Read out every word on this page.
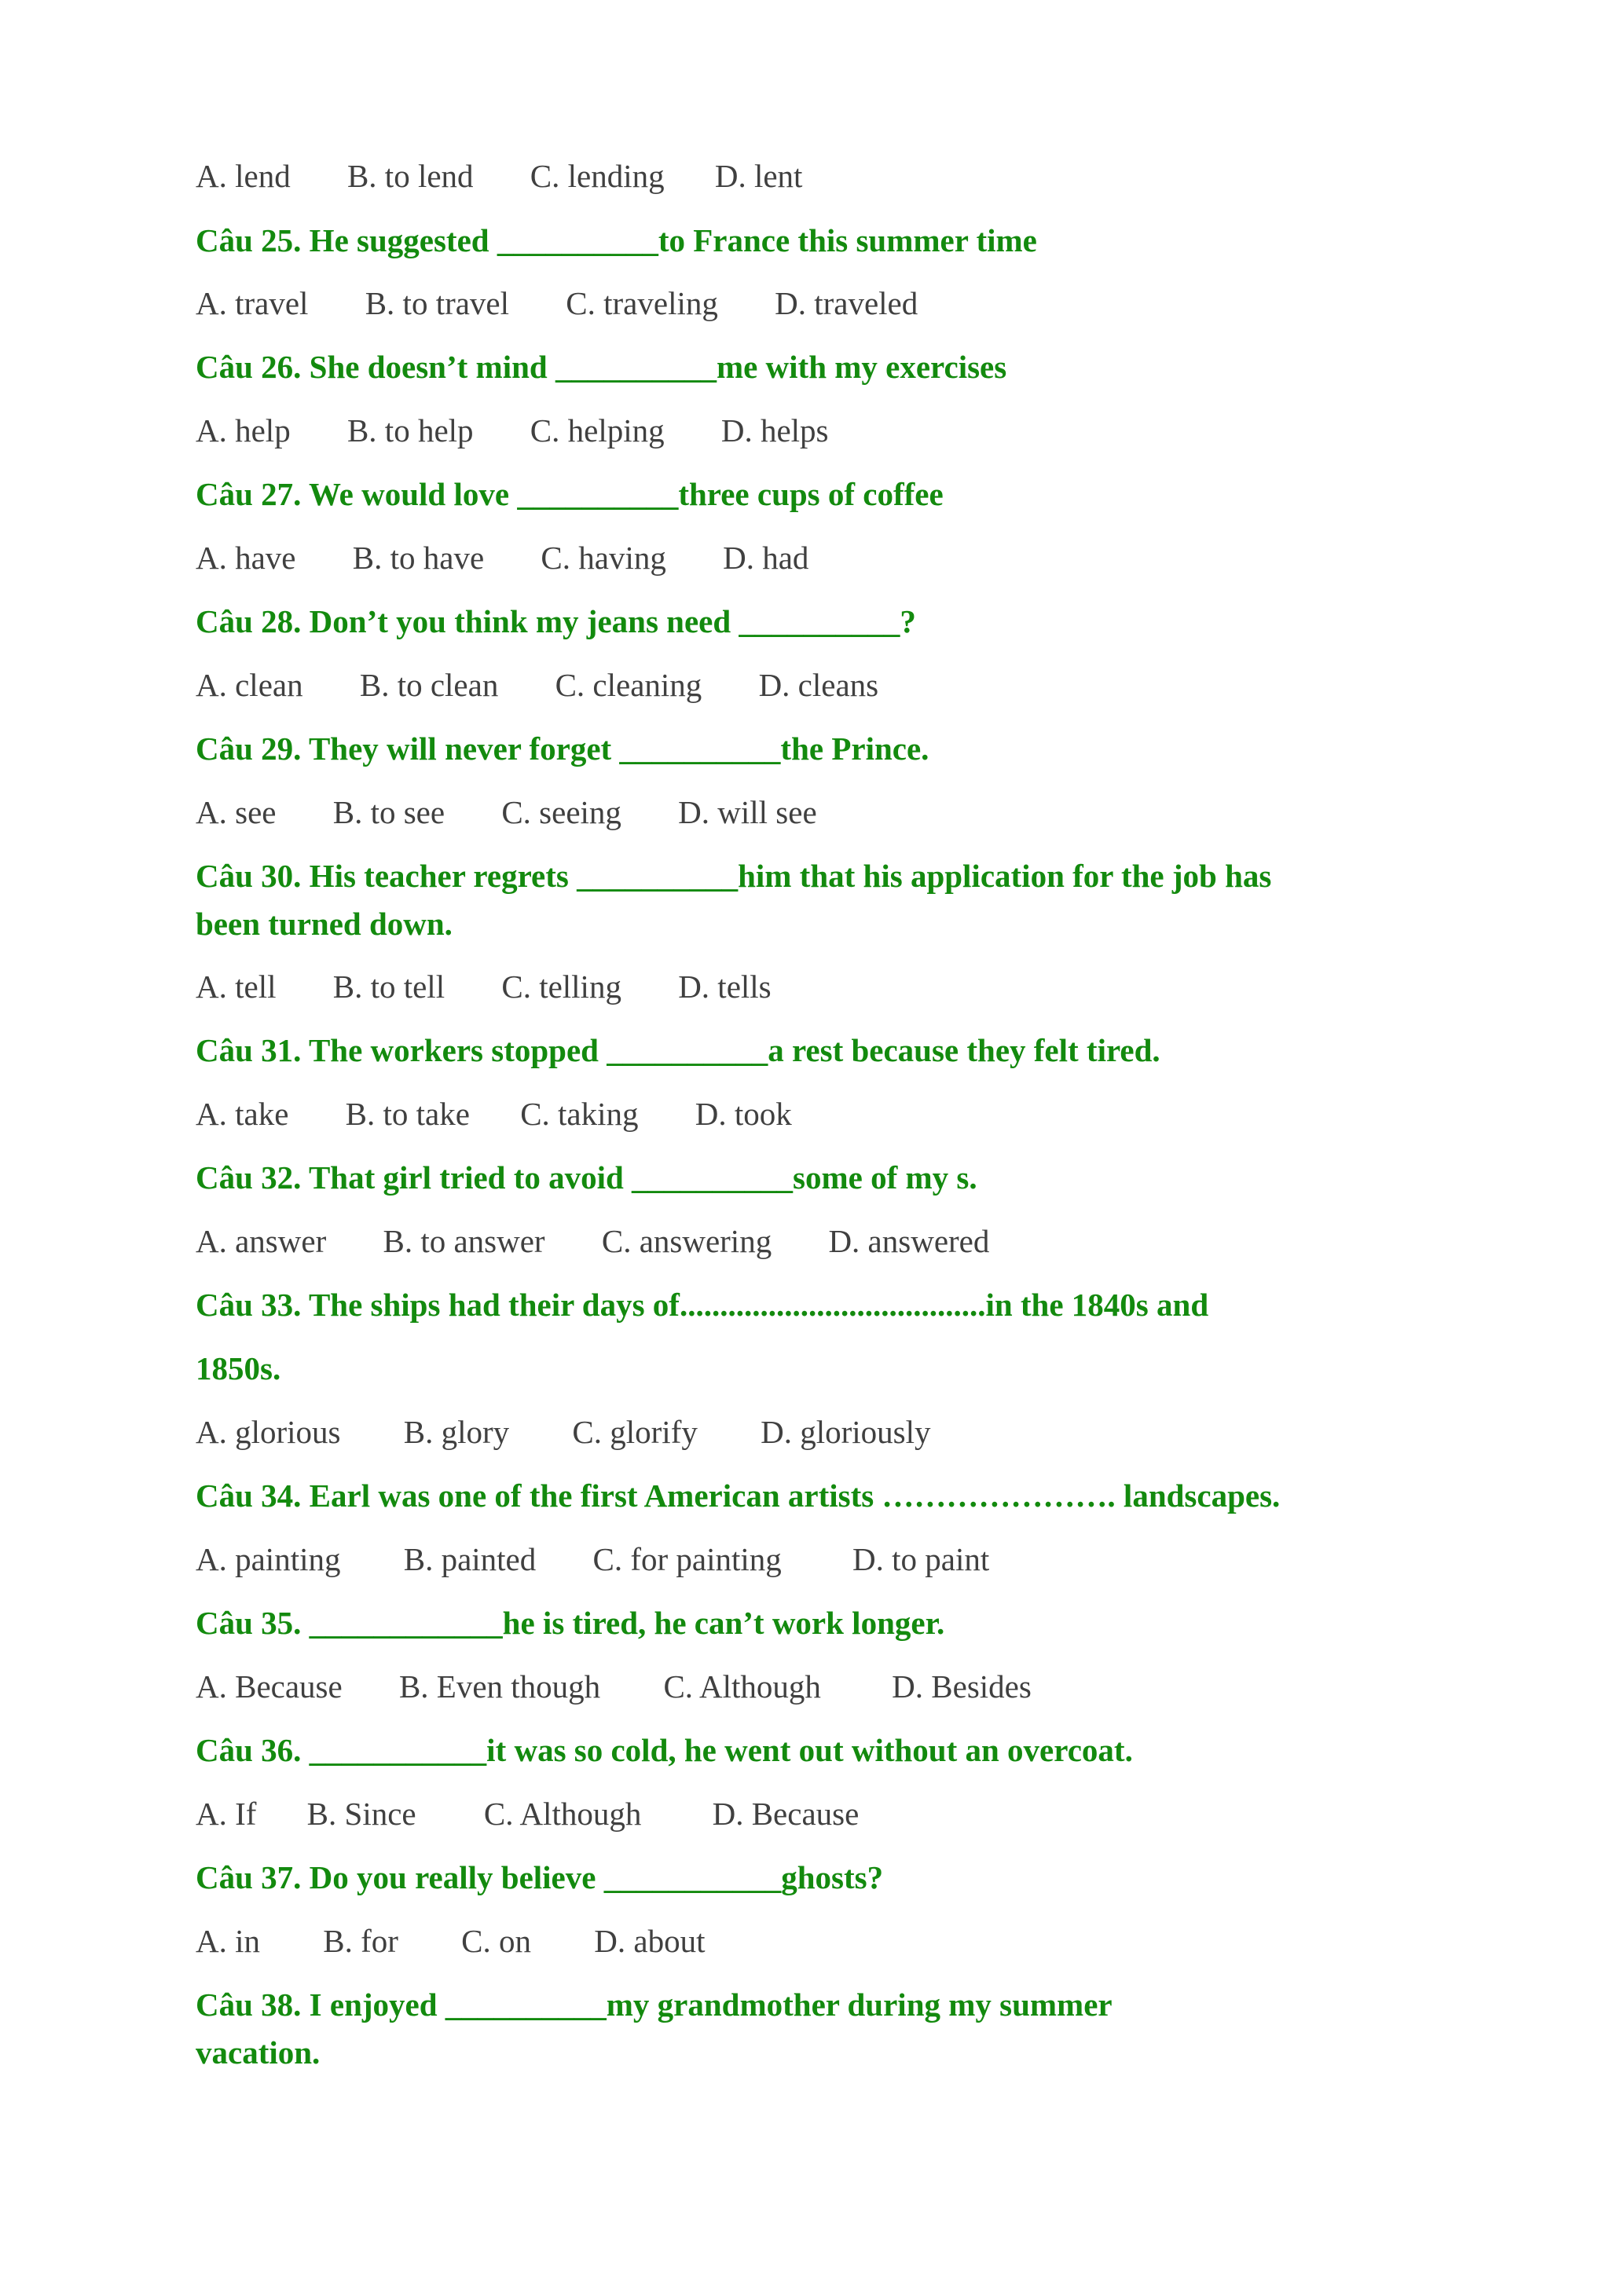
A. lend B. to lend C. lending D. lent
Câu 25. He suggested __________to France this summer time
A. travel B. to travel C. traveling D. traveled
Câu 26. She doesn’t mind __________me with my exercises
A. help B. to help C. helping D. helps
Câu 27. We would love __________three cups of coffee
A. have B. to have C. having D. had
Câu 28. Don’t you think my jeans need __________?
A. clean B. to clean C. cleaning D. cleans
Câu 29. They will never forget __________the Prince.
A. see B. to see C. seeing D. will see
Câu 30. His teacher regrets __________him that his application for the job has
been turned down.
A. tell B. to tell C. telling D. tells
Câu 31. The workers stopped __________a rest because they felt tired.
A. take B. to take C. taking D. took
Câu 32. That girl tried to avoid __________some of my s.
A. answer B. to answer C. answering D. answered
Câu 33. The ships had their days of......................................in the 1840s and
1850s.
A. glorious B. glory C. glorify D. gloriously
Câu 34. Earl was one of the first American artists …………………. landscapes.
A. painting B. painted C. for painting D. to paint
Câu 35. ____________he is tired, he can’t work longer.
A. Because B. Even though C. Although D. Besides
Câu 36. ___________it was so cold, he went out without an overcoat.
A. If B. Since C. Although D. Because
Câu 37. Do you really believe ___________ghosts?
A. in B. for C. on D. about
Câu 38. I enjoyed __________my grandmother during my summer
vacation.
